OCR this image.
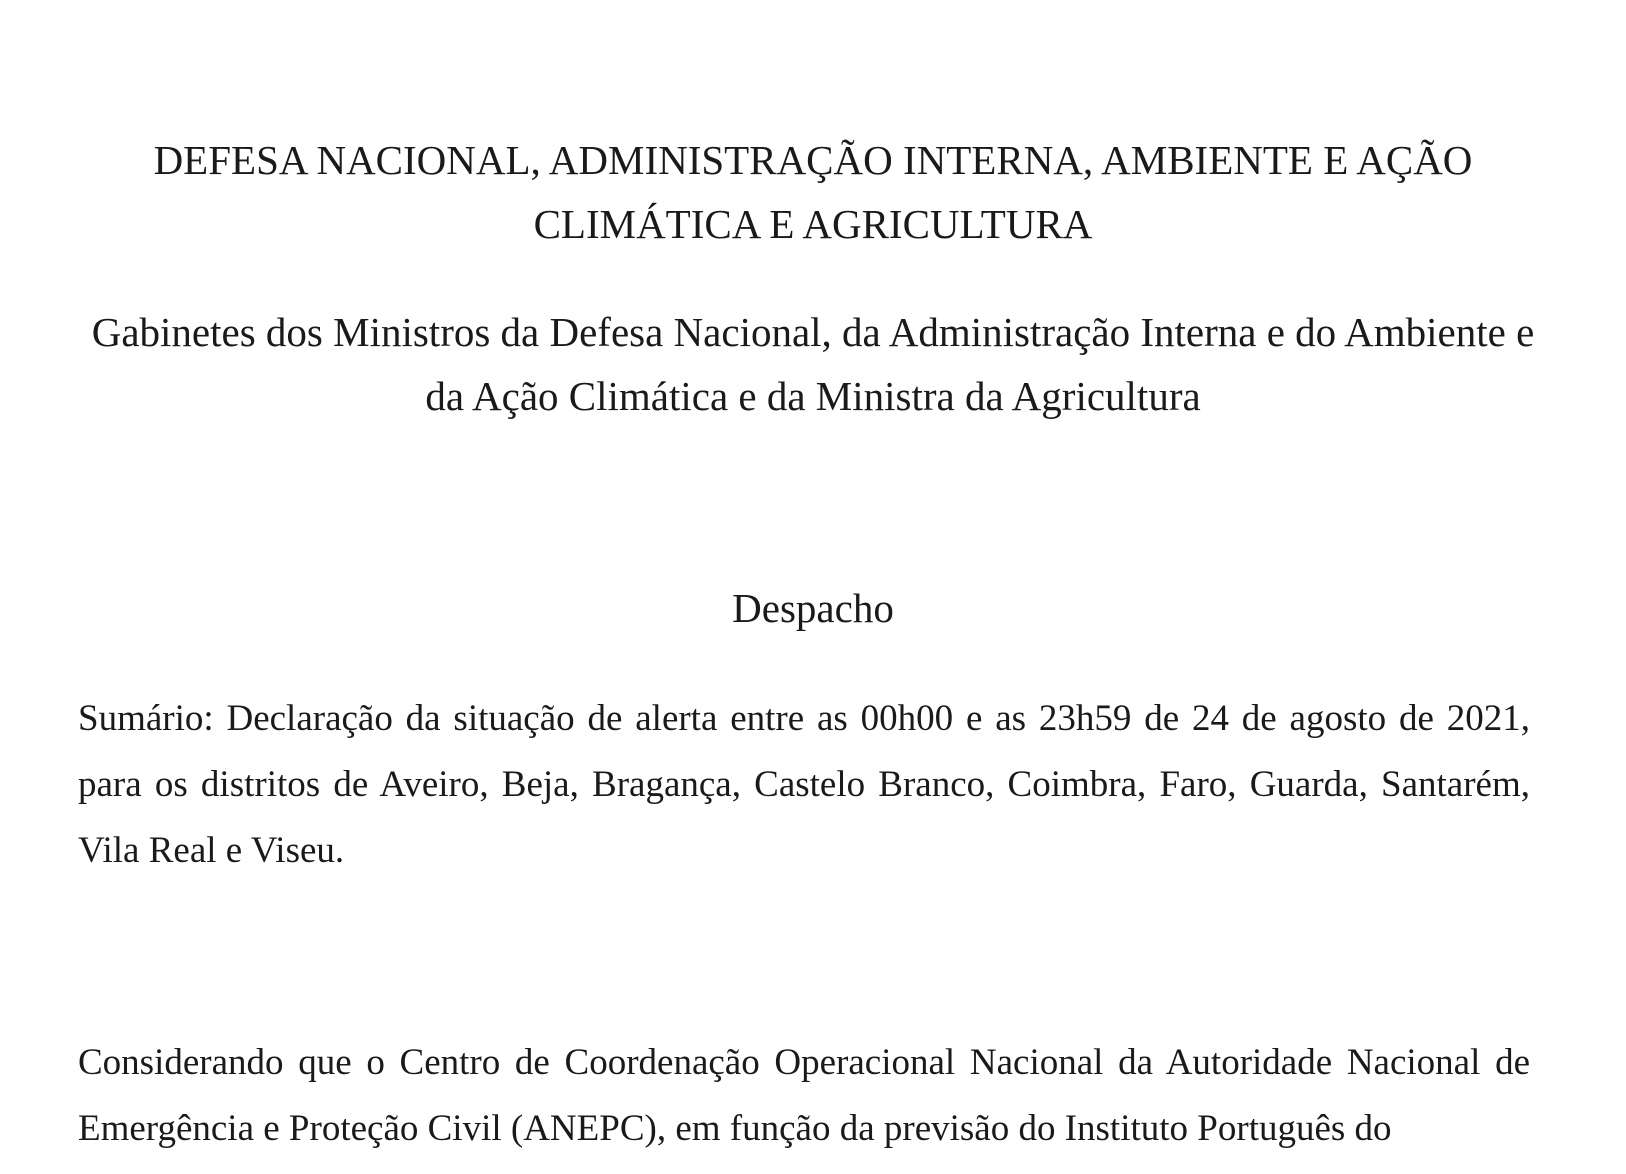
DEFESA NACIONAL, ADMINISTRAÇÃO INTERNA, AMBIENTE E AÇÃO CLIMÁTICA E AGRICULTURA
Gabinetes dos Ministros da Defesa Nacional, da Administração Interna e do Ambiente e da Ação Climática e da Ministra da Agricultura
Despacho

Sumário: Declaração da situação de alerta entre as 00h00 e as 23h59 de 24 de agosto de 2021, para os distritos de Aveiro, Beja, Bragança, Castelo Branco, Coimbra, Faro, Guarda, Santarém, Vila Real e Viseu.

Considerando que o Centro de Coordenação Operacional Nacional da Autoridade Nacional de Emergência e Proteção Civil (ANEPC), em função da previsão do Instituto Português do
